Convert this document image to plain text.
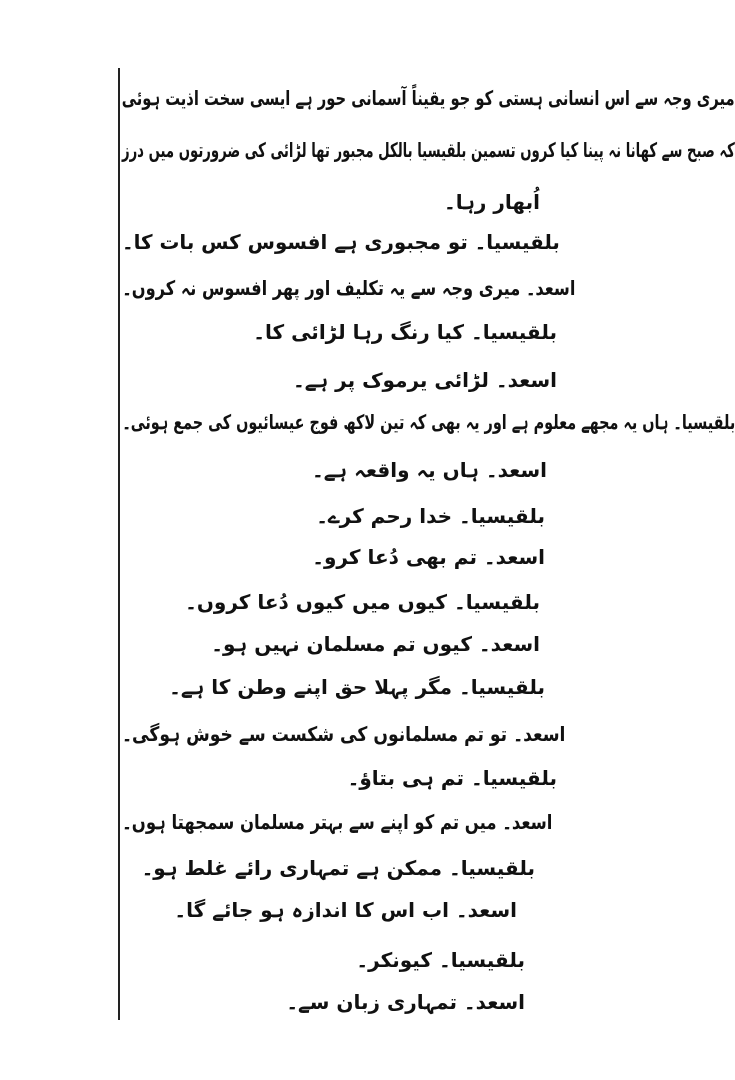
میری وجہ سے اس انسانی ہستی کو جو یقیناً آسمانی حور ہے ایسی سخت اذیت ہوئی
کہ صبح سے کھانا نہ پینا کیا کروں تسمین بلقیسیا بالکل مجبور تھا لڑائی کی ضرورتوں میں درز
اُبھار رہا۔
بلقیسیا۔ تو مجبوری ہے افسوس کس بات کا۔
اسعد۔ میری وجہ سے یہ تکلیف اور پھر افسوس نہ کروں۔
بلقیسیا۔ کیا رنگ رہا لڑائی کا۔
اسعد۔ لڑائی یرموک پر ہے۔
بلقیسیا۔ ہاں یہ مجھے معلوم ہے اور یہ بھی کہ تین لاکھ فوج عیسائیوں کی جمع ہوئی۔
اسعد۔ ہاں یہ واقعہ ہے۔
بلقیسیا۔ خدا رحم کرے۔
اسعد۔ تم بھی دُعا کرو۔
بلقیسیا۔ کیوں میں کیوں دُعا کروں۔
اسعد۔ کیوں تم مسلمان نہیں ہو۔
بلقیسیا۔ مگر پہلا حق اپنے وطن کا ہے۔
اسعد۔ تو تم مسلمانوں کی شکست سے خوش ہوگی۔
بلقیسیا۔ تم ہی بتاؤ۔
اسعد۔ میں تم کو اپنے سے بہتر مسلمان سمجھتا ہوں۔
بلقیسیا۔ ممکن ہے تمہاری رائے غلط ہو۔
اسعد۔ اب اس کا اندازہ ہو جائے گا۔
بلقیسیا۔ کیونکر۔
اسعد۔ تمہاری زبان سے۔
